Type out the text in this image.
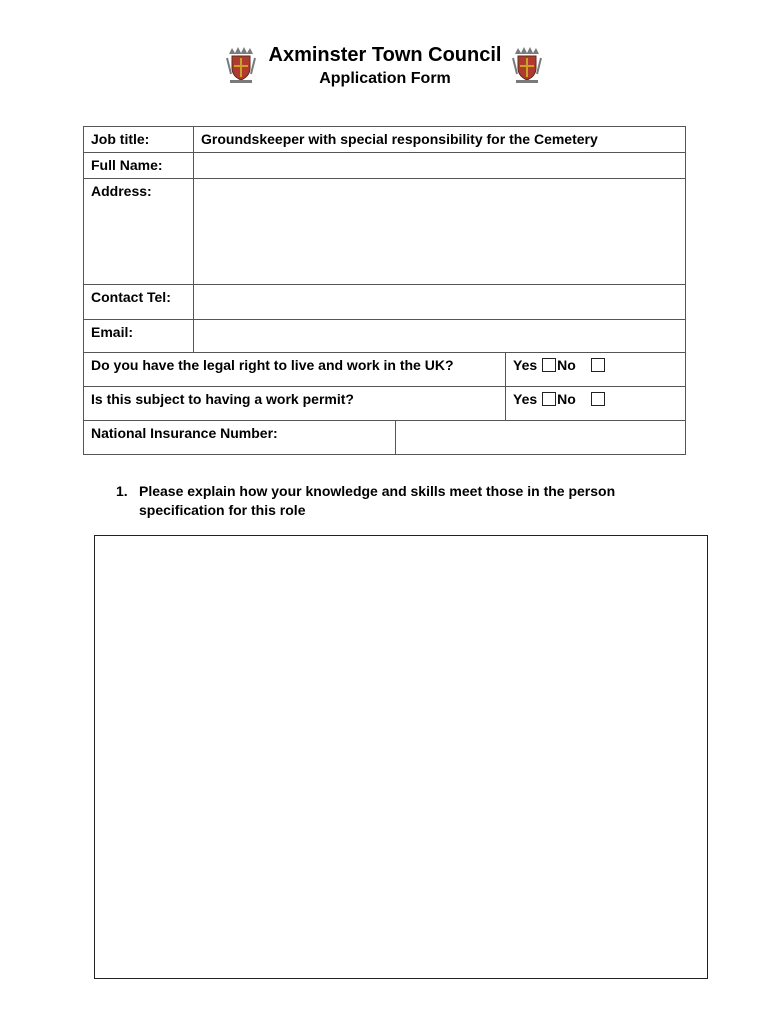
Axminster Town Council
Application Form
Job title:	Groundskeeper with special responsibility for the Cemetery		
Full Name:			
Address:			
Contact Tel:			
Email:			
Do you have the legal right to live and work in the UK?			Yes No

Is this subject to having a work permit?			Yes No

National Insurance Number:			
1. Please explain how your knowledge and skills meet those in the person specification for this role
